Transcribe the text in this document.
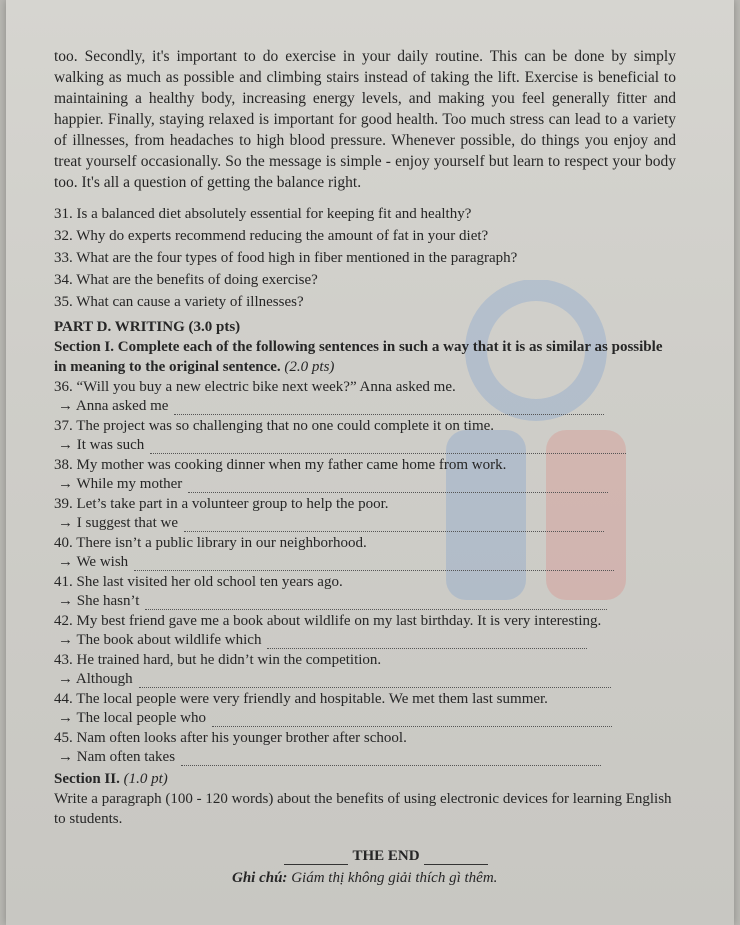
too. Secondly, it's important to do exercise in your daily routine. This can be done by simply walking as much as possible and climbing stairs instead of taking the lift. Exercise is beneficial to maintaining a healthy body, increasing energy levels, and making you feel generally fitter and happier. Finally, staying relaxed is important for good health. Too much stress can lead to a variety of illnesses, from headaches to high blood pressure. Whenever possible, do things you enjoy and treat yourself occasionally. So the message is simple - enjoy yourself but learn to respect your body too. It's all a question of getting the balance right.

31. Is a balanced diet absolutely essential for keeping fit and healthy?

32. Why do experts recommend reducing the amount of fat in your diet?

33. What are the four types of food high in fiber mentioned in the paragraph?

34. What are the benefits of doing exercise?

35. What can cause a variety of illnesses?

PART D. WRITING (3.0 pts)

Section I. Complete each of the following sentences in such a way that it is as similar as possible in meaning to the original sentence. (2.0 pts)

36. “Will you buy a new electric bike next week?” Anna asked me.

→ Anna asked me

37. The project was so challenging that no one could complete it on time.

→ It was such

38. My mother was cooking dinner when my father came home from work.

→ While my mother

39. Let’s take part in a volunteer group to help the poor.

→ I suggest that we

40. There isn’t a public library in our neighborhood.

→ We wish

41. She last visited her old school ten years ago.

→ She hasn’t

42. My best friend gave me a book about wildlife on my last birthday. It is very interesting.

→ The book about wildlife which

43. He trained hard, but he didn’t win the competition.

→ Although

44. The local people were very friendly and hospitable. We met them last summer.

→ The local people who

45. Nam often looks after his younger brother after school.

→ Nam often takes

Section II. (1.0 pt)

Write a paragraph (100 - 120 words) about the benefits of using electronic devices for learning English to students.

THE END
Ghi chú: Giám thị không giải thích gì thêm.
